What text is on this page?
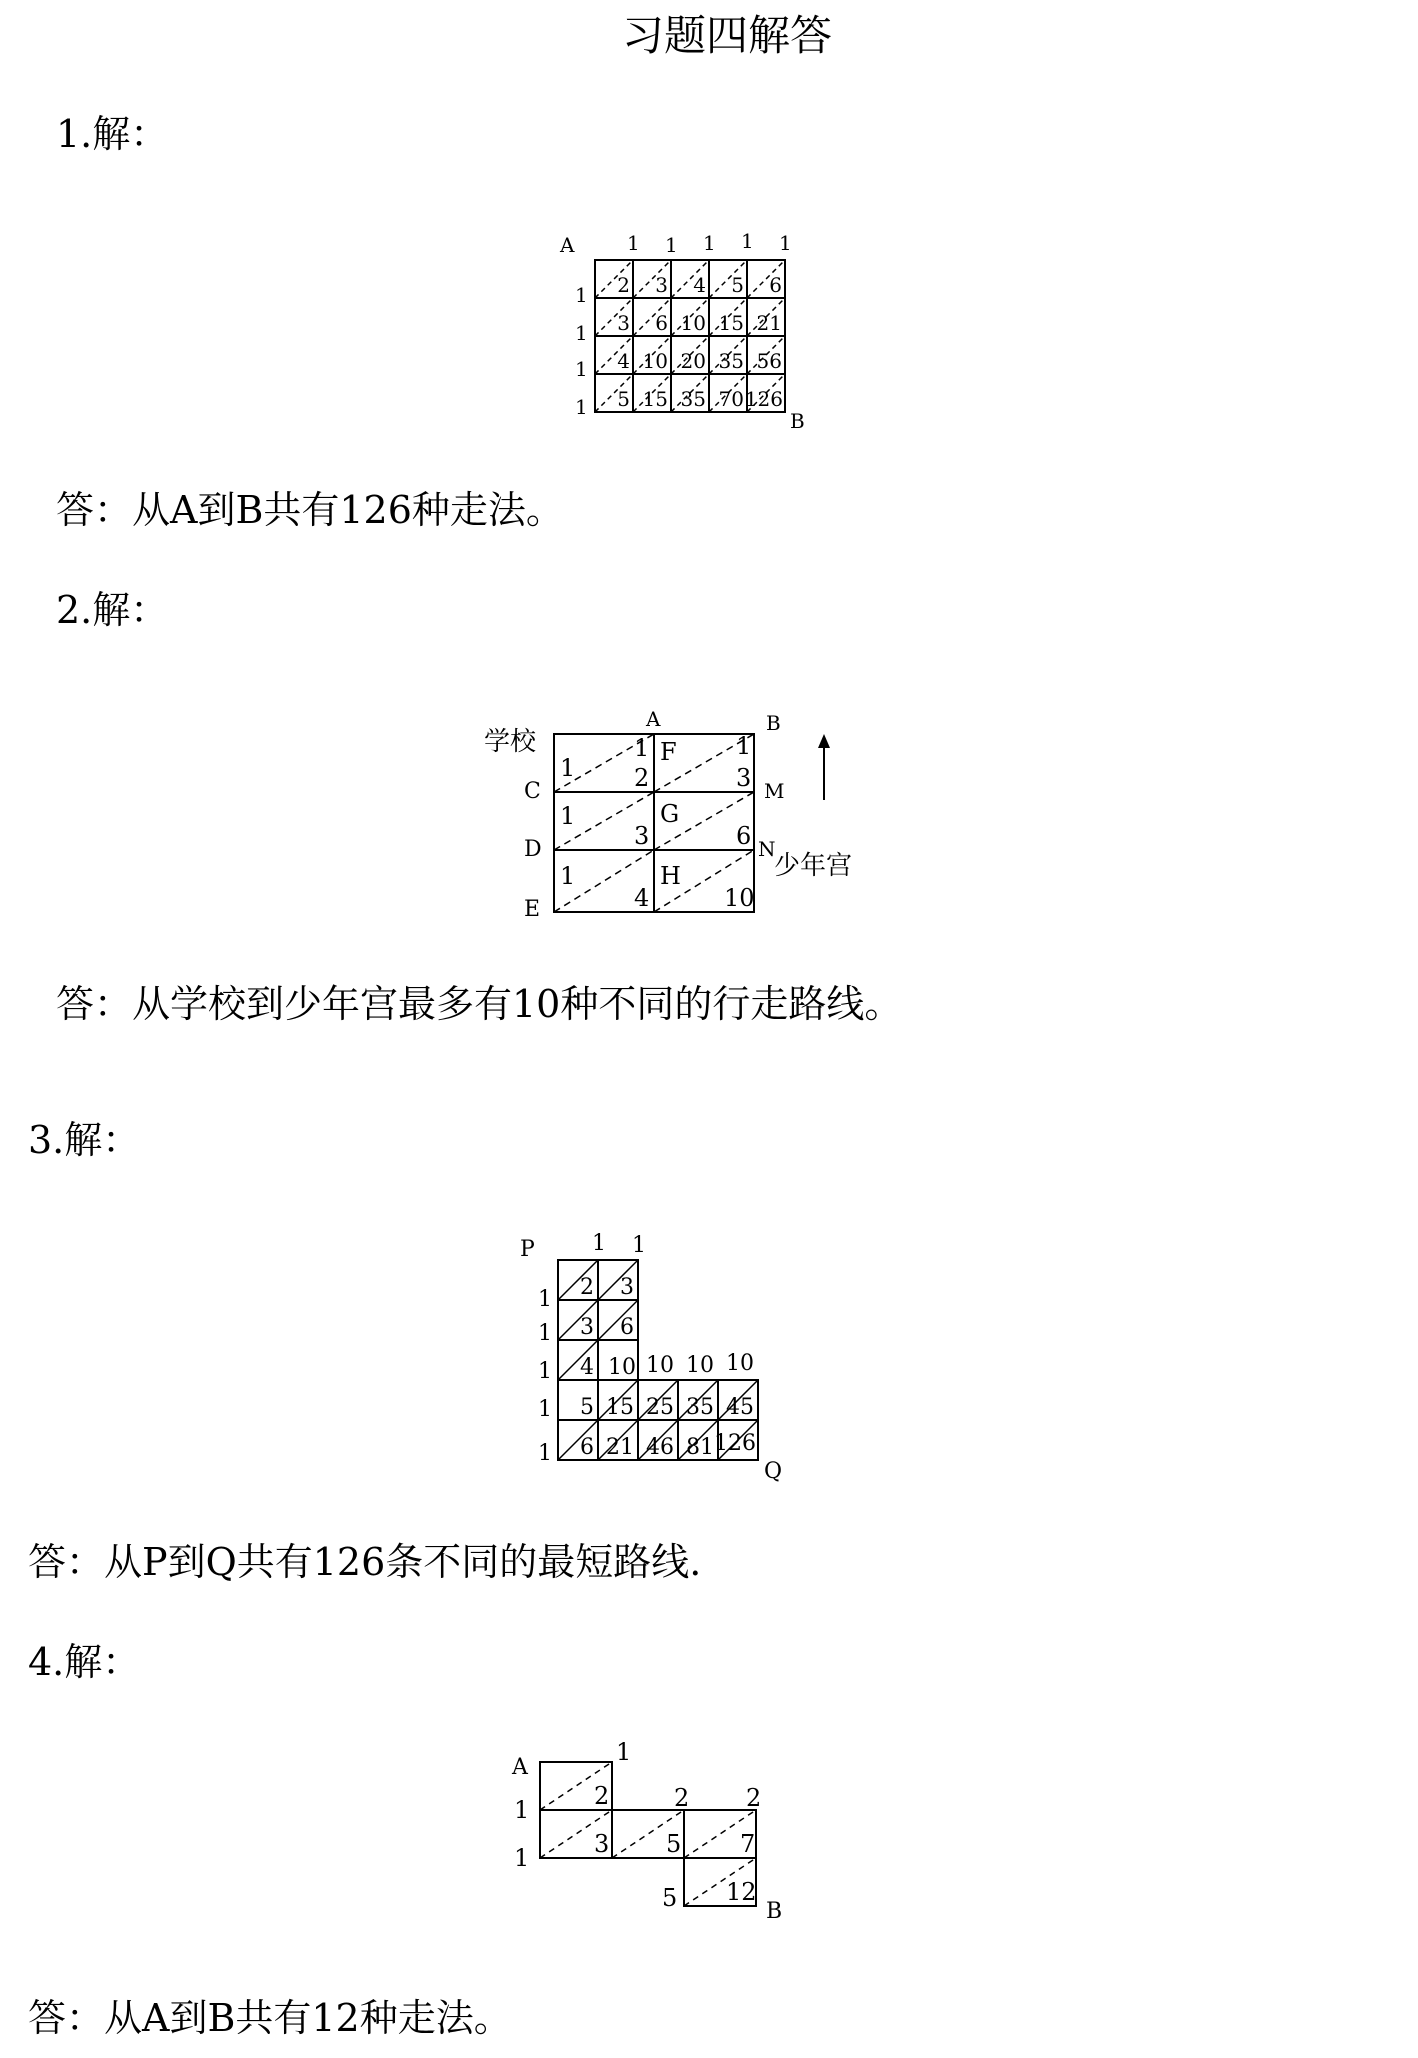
习题四解答
1.解：
A
B
1 1 1 1 1
1
1
1
1
2 3 4 5 6
3 6 10 15 21
4 10 20 35 56
5 15 35 70 126
答：从A到B共有126种走法。
2.解：
学校
A	B
C
D
E
M
N
少年宫
1
1
2
F 1
3
1
3
G
6
1
4
H
10
答：从学校到少年宫最多有10种不同的行走路线。
3.解：
P
Q
1 1
1
1
1
1
1
10 10 10
2 3
3 6
4 10
5 15 25 35 45
6 21 46 81 126
答：从P到Q共有126条不同的最短路线.
4.解：
A
B
1
1
1
2 2
2
3 5 7
5 12
答：从A到B共有12种走法。
